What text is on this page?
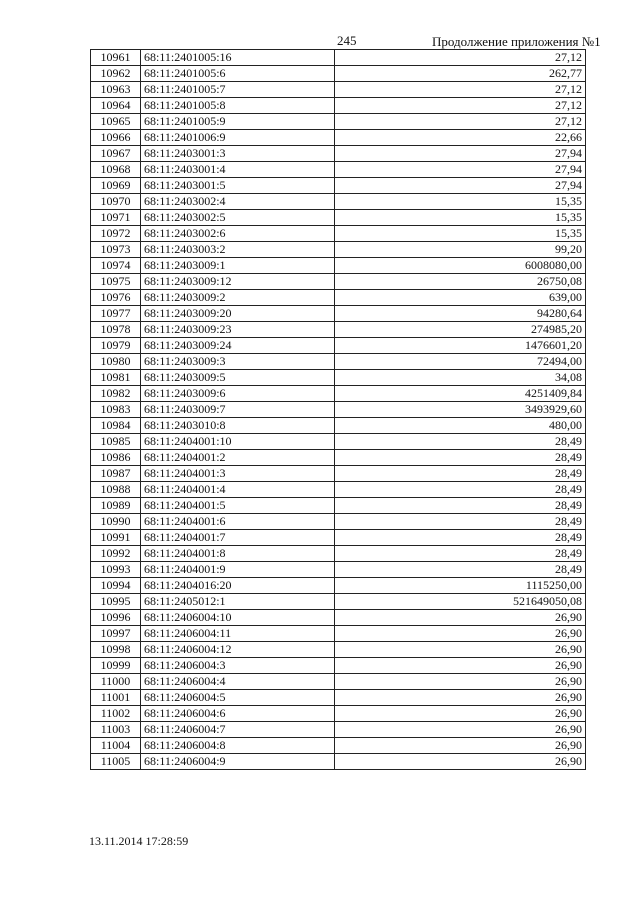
245	Продолжение приложения №1
10961	68:11:2401005:16	27,12
10962	68:11:2401005:6	262,77
10963	68:11:2401005:7	27,12
10964	68:11:2401005:8	27,12
10965	68:11:2401005:9	27,12
10966	68:11:2401006:9	22,66
10967	68:11:2403001:3	27,94
10968	68:11:2403001:4	27,94
10969	68:11:2403001:5	27,94
10970	68:11:2403002:4	15,35
10971	68:11:2403002:5	15,35
10972	68:11:2403002:6	15,35
10973	68:11:2403003:2	99,20
10974	68:11:2403009:1	6008080,00
10975	68:11:2403009:12	26750,08
10976	68:11:2403009:2	639,00
10977	68:11:2403009:20	94280,64
10978	68:11:2403009:23	274985,20
10979	68:11:2403009:24	1476601,20
10980	68:11:2403009:3	72494,00
10981	68:11:2403009:5	34,08
10982	68:11:2403009:6	4251409,84
10983	68:11:2403009:7	3493929,60
10984	68:11:2403010:8	480,00
10985	68:11:2404001:10	28,49
10986	68:11:2404001:2	28,49
10987	68:11:2404001:3	28,49
10988	68:11:2404001:4	28,49
10989	68:11:2404001:5	28,49
10990	68:11:2404001:6	28,49
10991	68:11:2404001:7	28,49
10992	68:11:2404001:8	28,49
10993	68:11:2404001:9	28,49
10994	68:11:2404016:20	1115250,00
10995	68:11:2405012:1	521649050,08
10996	68:11:2406004:10	26,90
10997	68:11:2406004:11	26,90
10998	68:11:2406004:12	26,90
10999	68:11:2406004:3	26,90
11000	68:11:2406004:4	26,90
11001	68:11:2406004:5	26,90
11002	68:11:2406004:6	26,90
11003	68:11:2406004:7	26,90
11004	68:11:2406004:8	26,90
11005	68:11:2406004:9	26,90
13.11.2014 17:28:59
